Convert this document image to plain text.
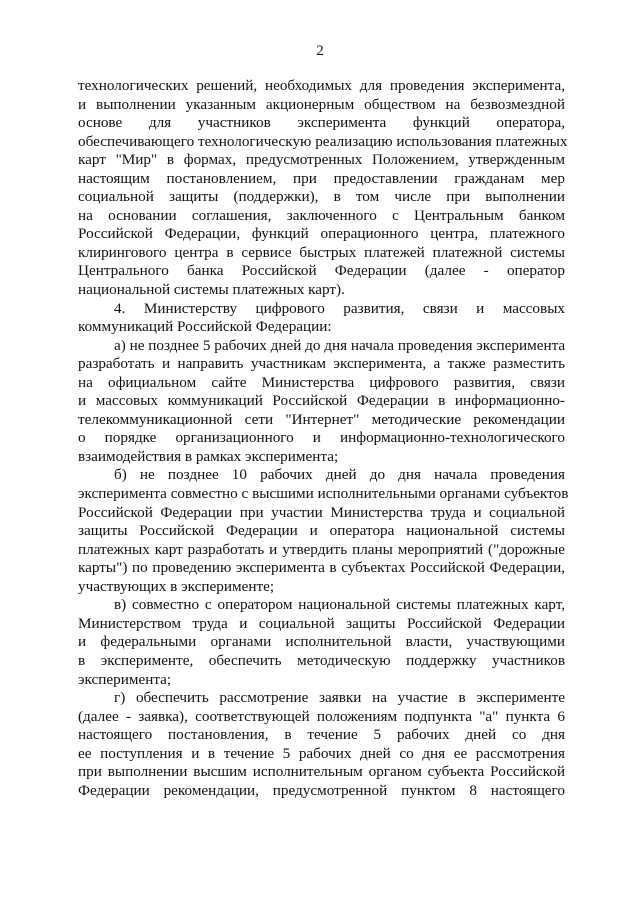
2
технологических решений, необходимых для проведения эксперимента,
и выполнении указанным акционерным обществом на безвозмездной
основе для участников эксперимента функций оператора,
обеспечивающего технологическую реализацию использования платежных
карт "Мир" в формах, предусмотренных Положением, утвержденным
настоящим постановлением, при предоставлении гражданам мер
социальной защиты (поддержки), в том числе при выполнении
на основании соглашения, заключенного с Центральным банком
Российской Федерации, функций операционного центра, платежного
клирингового центра в сервисе быстрых платежей платежной системы
Центрального банка Российской Федерации (далее - оператор
национальной системы платежных карт).
4. Министерству цифрового развития, связи и массовых
коммуникаций Российской Федерации:
а) не позднее 5 рабочих дней до дня начала проведения эксперимента
разработать и направить участникам эксперимента, а также разместить
на официальном сайте Министерства цифрового развития, связи
и массовых коммуникаций Российской Федерации в информационно-
телекоммуникационной сети "Интернет" методические рекомендации
о порядке организационного и информационно-технологического
взаимодействия в рамках эксперимента;
б) не позднее 10 рабочих дней до дня начала проведения
эксперимента совместно с высшими исполнительными органами субъектов
Российской Федерации при участии Министерства труда и социальной
защиты Российской Федерации и оператора национальной системы
платежных карт разработать и утвердить планы мероприятий ("дорожные
карты") по проведению эксперимента в субъектах Российской Федерации,
участвующих в эксперименте;
в) совместно с оператором национальной системы платежных карт,
Министерством труда и социальной защиты Российской Федерации
и федеральными органами исполнительной власти, участвующими
в эксперименте, обеспечить методическую поддержку участников
эксперимента;
г) обеспечить рассмотрение заявки на участие в эксперименте
(далее - заявка), соответствующей положениям подпункта "а" пункта 6
настоящего постановления, в течение 5 рабочих дней со дня
ее поступления и в течение 5 рабочих дней со дня ее рассмотрения
при выполнении высшим исполнительным органом субъекта Российской
Федерации рекомендации, предусмотренной пунктом 8 настоящего
